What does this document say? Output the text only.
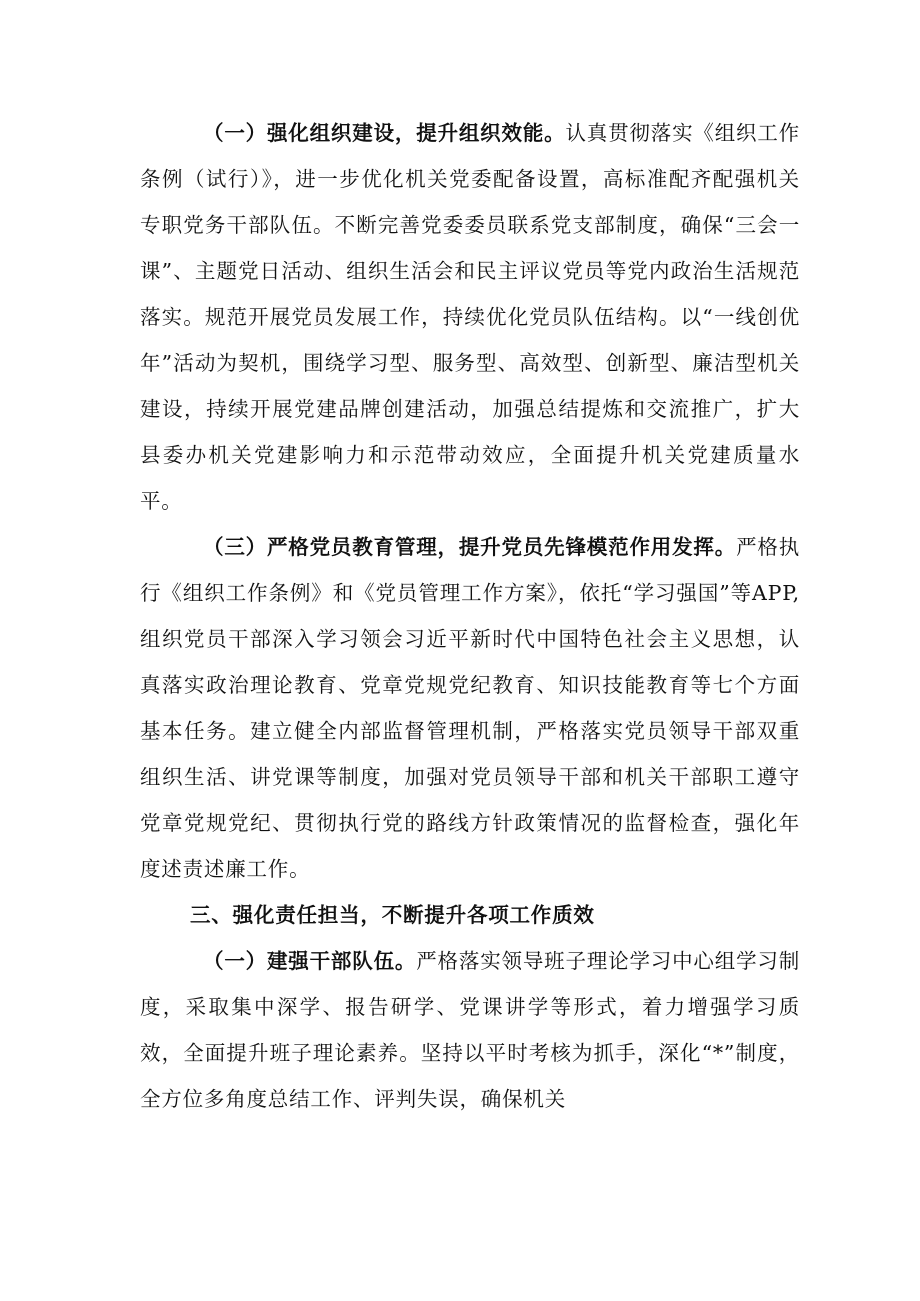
（一）强化组织建设，提升组织效能。认真贯彻落实《组织工作条例（试行）》，进一步优化机关党委配备设置，高标准配齐配强机关专职党务干部队伍。不断完善党委委员联系党支部制度，确保“三会一课”、主题党日活动、组织生活会和民主评议党员等党内政治生活规范落实。规范开展党员发展工作，持续优化党员队伍结构。以“一线创优年”活动为契机，围绕学习型、服务型、高效型、创新型、廉洁型机关建设，持续开展党建品牌创建活动，加强总结提炼和交流推广，扩大县委办机关党建影响力和示范带动效应，全面提升机关党建质量水平。

（三）严格党员教育管理，提升党员先锋模范作用发挥。严格执行《组织工作条例》和《党员管理工作方案》，依托“学习强国”等APP,组织党员干部深入学习领会习近平新时代中国特色社会主义思想，认真落实政治理论教育、党章党规党纪教育、知识技能教育等七个方面基本任务。建立健全内部监督管理机制，严格落实党员领导干部双重组织生活、讲党课等制度，加强对党员领导干部和机关干部职工遵守党章党规党纪、贯彻执行党的路线方针政策情况的监督检查，强化年度述责述廉工作。

三、强化责任担当，不断提升各项工作质效

（一）建强干部队伍。严格落实领导班子理论学习中心组学习制度，采取集中深学、报告研学、党课讲学等形式，着力增强学习质效，全面提升班子理论素养。坚持以平时考核为抓手，深化“*”制度，全方位多角度总结工作、评判失误，确保机关
